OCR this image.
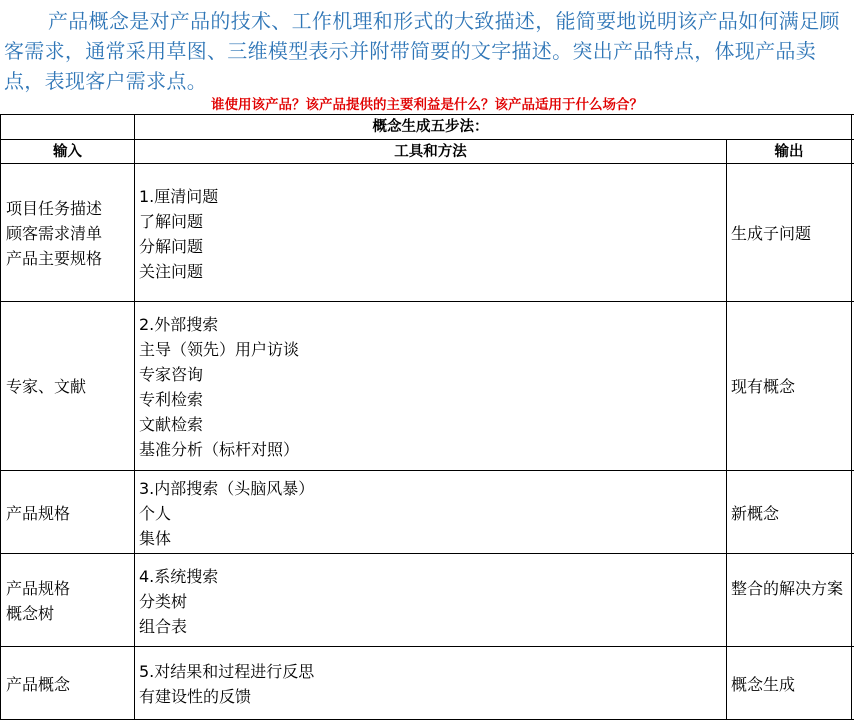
产品概念是对产品的技术、工作机理和形式的大致描述，能简要地说明该产品如何满足顾客需求，通常采用草图、三维模型表示并附带简要的文字描述。突出产品特点，体现产品卖点，表现客户需求点。

谁使用该产品？该产品提供的主要利益是什么？该产品适用于什么场合？
概念生成五步法：
输入	工具和方法	输出
项目任务描述
顾客需求清单
产品主要规格
1.厘清问题
了解问题
分解问题
关注问题
生成子问题
专家、文献
2.外部搜索
主导（领先）用户访谈
专家咨询
专利检索
文献检索
基准分析（标杆对照）
现有概念
产品规格
3.内部搜索（头脑风暴）
个人
集体
新概念
产品规格
概念树
4.系统搜索
分类树
组合表
整合的解决方案
产品概念
5.对结果和过程进行反思
有建设性的反馈
概念生成
